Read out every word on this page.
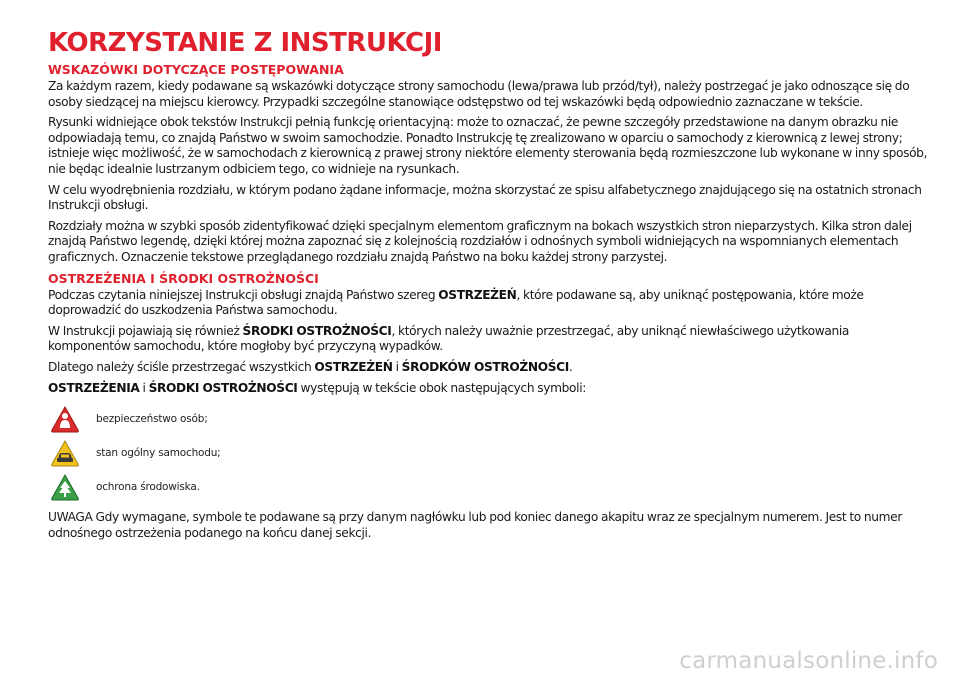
KORZYSTANIE Z INSTRUKCJI
WSKAZÓWKI DOTYCZĄCE POSTĘPOWANIA

Za każdym razem, kiedy podawane są wskazówki dotyczące strony samochodu (lewa/prawa lub przód/tył), należy postrzegać je jako odnoszące się do osoby siedzącej na miejscu kierowcy. Przypadki szczególne stanowiące odstępstwo od tej wskazówki będą odpowiednio zaznaczane w tekście.

Rysunki widniejące obok tekstów Instrukcji pełnią funkcję orientacyjną: może to oznaczać, że pewne szczegóły przedstawione na danym obrazku nie odpowiadają temu, co znajdą Państwo w swoim samochodzie. Ponadto Instrukcję tę zrealizowano w oparciu o samochody z kierownicą z lewej strony; istnieje więc możliwość, że w samochodach z kierownicą z prawej strony niektóre elementy sterowania będą rozmieszczone lub wykonane w inny sposób, nie będąc idealnie lustrzanym odbiciem tego, co widnieje na rysunkach.

W celu wyodrębnienia rozdziału, w którym podano żądane informacje, można skorzystać ze spisu alfabetycznego znajdującego się na ostatnich stronach Instrukcji obsługi.

Rozdziały można w szybki sposób zidentyfikować dzięki specjalnym elementom graficznym na bokach wszystkich stron nieparzystych. Kilka stron dalej znajdą Państwo legendę, dzięki której można zapoznać się z kolejnością rozdziałów i odnośnych symboli widniejących na wspomnianych elementach graficznych. Oznaczenie tekstowe przeglądanego rozdziału znajdą Państwo na boku każdej strony parzystej.

OSTRZEŻENIA I ŚRODKI OSTROŻNOŚCI

Podczas czytania niniejszej Instrukcji obsługi znajdą Państwo szereg OSTRZEŻEŃ, które podawane są, aby uniknąć postępowania, które może doprowadzić do uszkodzenia Państwa samochodu.

W Instrukcji pojawiają się również ŚRODKI OSTROŻNOŚCI, których należy uważnie przestrzegać, aby uniknąć niewłaściwego użytkowania komponentów samochodu, które mogłoby być przyczyną wypadków.

Dlatego należy ściśle przestrzegać wszystkich OSTRZEŻEŃ i ŚRODKÓW OSTROŻNOŚCI.

OSTRZEŻENIA i ŚRODKI OSTROŻNOŚCI występują w tekście obok następujących symboli:

bezpieczeństwo osób;
stan ogólny samochodu;
ochrona środowiska.

UWAGA Gdy wymagane, symbole te podawane są przy danym nagłówku lub pod koniec danego akapitu wraz ze specjalnym numerem. Jest to numer odnośnego ostrzeżenia podanego na końcu danej sekcji.

carmanualsonline.info
